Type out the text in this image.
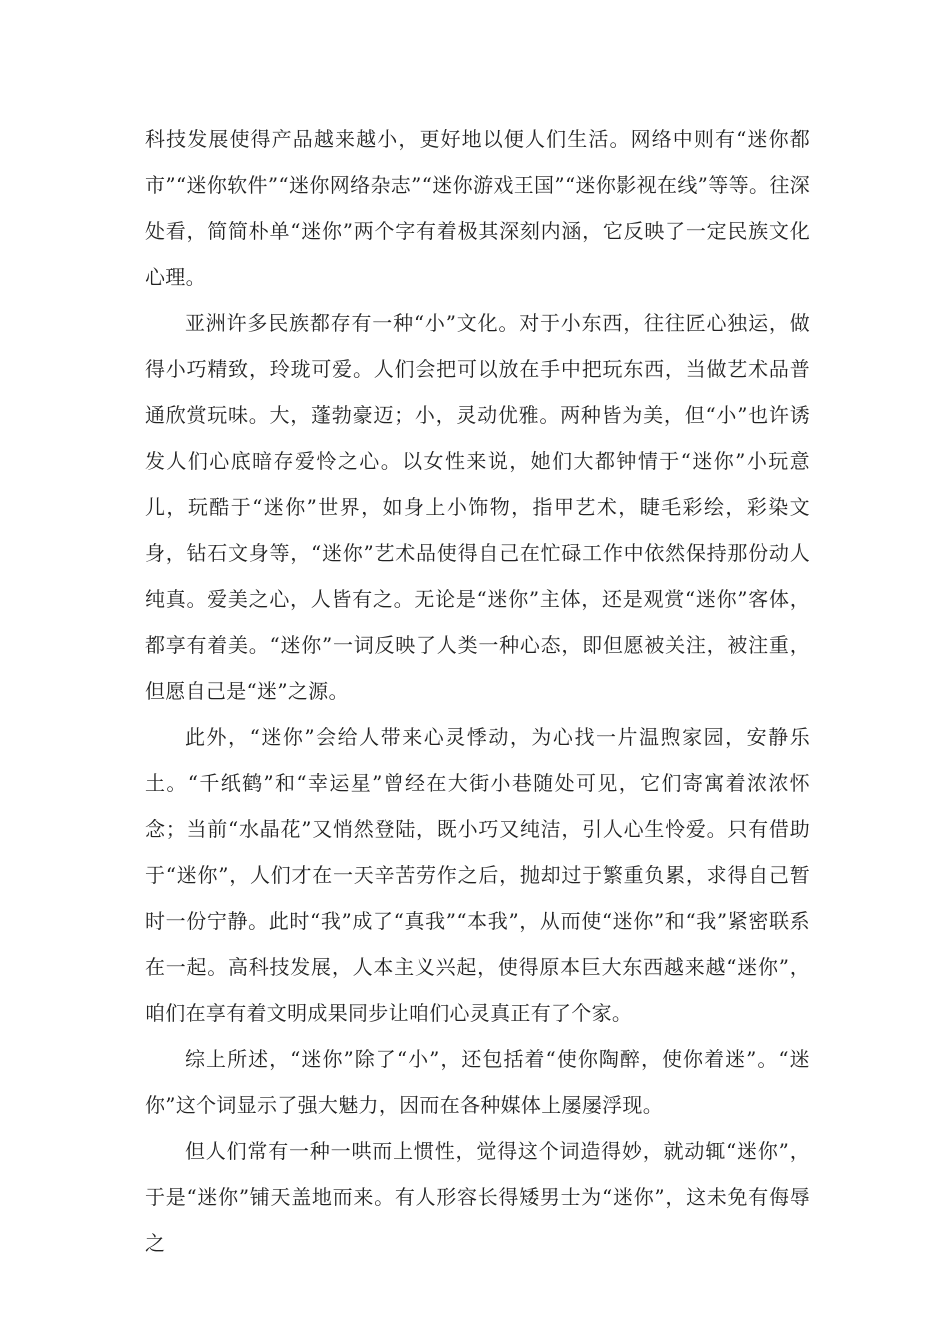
科技发展使得产品越来越小，更好地以便人们生活。网络中则有“迷你都市”“迷你软件”“迷你网络杂志”“迷你游戏王国”“迷你影视在线”等等。往深处看，简简朴单“迷你”两个字有着极其深刻内涵，它反映了一定民族文化心理。

亚洲许多民族都存有一种“小”文化。对于小东西，往往匠心独运，做得小巧精致，玲珑可爱。人们会把可以放在手中把玩东西，当做艺术品普通欣赏玩味。大，蓬勃豪迈；小，灵动优雅。两种皆为美，但“小”也许诱发人们心底暗存爱怜之心。以女性来说，她们大都钟情于“迷你”小玩意儿，玩酷于“迷你”世界，如身上小饰物，指甲艺术，睫毛彩绘，彩染文身，钻石文身等，“迷你”艺术品使得自己在忙碌工作中依然保持那份动人纯真。爱美之心，人皆有之。无论是“迷你”主体，还是观赏“迷你”客体，都享有着美。“迷你”一词反映了人类一种心态，即但愿被关注，被注重，但愿自己是“迷”之源。

此外，“迷你”会给人带来心灵悸动，为心找一片温煦家园，安静乐土。“千纸鹤”和“幸运星”曾经在大街小巷随处可见，它们寄寓着浓浓怀念；当前“水晶花”又悄然登陆，既小巧又纯洁，引人心生怜爱。只有借助于“迷你”，人们才在一天辛苦劳作之后，抛却过于繁重负累，求得自己暂时一份宁静。此时“我”成了“真我”“本我”，从而使“迷你”和“我”紧密联系在一起。高科技发展，人本主义兴起，使得原本巨大东西越来越“迷你”，咱们在享有着文明成果同步让咱们心灵真正有了个家。

综上所述，“迷你”除了“小”，还包括着“使你陶醉，使你着迷”。“迷你”这个词显示了强大魅力，因而在各种媒体上屡屡浮现。

但人们常有一种一哄而上惯性，觉得这个词造得妙，就动辄“迷你”，于是“迷你”铺天盖地而来。有人形容长得矮男士为“迷你”，这未免有侮辱之
